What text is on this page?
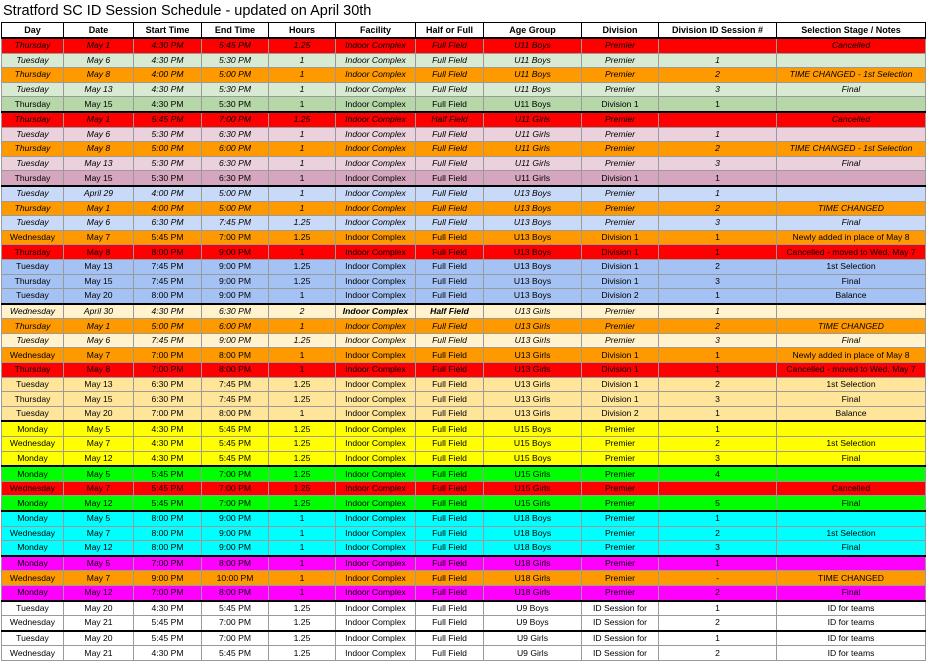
Stratford SC ID Session Schedule - updated on April 30th
Day	Date	Start Time	End Time	Hours	Facility	Half or Full	Age Group	Division	Division ID Session #	Selection Stage / Notes
Thursday	May 1	4:30 PM	5:45 PM	1.25	Indoor Complex	Full Field	U11 Boys	Premier		Cancelled
Tuesday	May 6	4:30 PM	5:30 PM	1	Indoor Complex	Full Field	U11 Boys	Premier	1	
Thursday	May 8	4:00 PM	5:00 PM	1	Indoor Complex	Full Field	U11 Boys	Premier	2	TIME CHANGED - 1st Selection
Tuesday	May 13	4:30 PM	5:30 PM	1	Indoor Complex	Full Field	U11 Boys	Premier	3	Final
Thursday	May 15	4:30 PM	5:30 PM	1	Indoor Complex	Full Field	U11 Boys	Division 1	1	
Thursday	May 1	5:45 PM	7:00 PM	1.25	Indoor Complex	Half Field	U11 Girls	Premier		Cancelled
Tuesday	May 6	5:30 PM	6:30 PM	1	Indoor Complex	Full Field	U11 Girls	Premier	1	
Thursday	May 8	5:00 PM	6:00 PM	1	Indoor Complex	Full Field	U11 Girls	Premier	2	TIME CHANGED - 1st Selection
Tuesday	May 13	5:30 PM	6:30 PM	1	Indoor Complex	Full Field	U11 Girls	Premier	3	Final
Thursday	May 15	5:30 PM	6:30 PM	1	Indoor Complex	Full Field	U11 Girls	Division 1	1	
Tuesday	April 29	4:00 PM	5:00 PM	1	Indoor Complex	Full Field	U13 Boys	Premier	1	
Thursday	May 1	4:00 PM	5:00 PM	1	Indoor Complex	Full Field	U13 Boys	Premier	2	TIME CHANGED
Tuesday	May 6	6:30 PM	7:45 PM	1.25	Indoor Complex	Full Field	U13 Boys	Premier	3	Final
Wednesday	May 7	5:45 PM	7:00 PM	1.25	Indoor Complex	Full Field	U13 Boys	Division 1	1	Newly added in place of May 8
Thursday	May 8	8:00 PM	9:00 PM	1	Indoor Complex	Full Field	U13 Boys	Division 1	1	Cancelled - moved to Wed, May 7
Tuesday	May 13	7:45 PM	9:00 PM	1.25	Indoor Complex	Full Field	U13 Boys	Division 1	2	1st Selection
Thursday	May 15	7:45 PM	9:00 PM	1.25	Indoor Complex	Full Field	U13 Boys	Division 1	3	Final
Tuesday	May 20	8:00 PM	9:00 PM	1	Indoor Complex	Full Field	U13 Boys	Division 2	1	Balance
Wednesday	April 30	4:30 PM	6:30 PM	2	Indoor Complex	Half Field	U13 Girls	Premier	1	
Thursday	May 1	5:00 PM	6:00 PM	1	Indoor Complex	Full Field	U13 Girls	Premier	2	TIME CHANGED
Tuesday	May 6	7:45 PM	9:00 PM	1.25	Indoor Complex	Full Field	U13 Girls	Premier	3	Final
Wednesday	May 7	7:00 PM	8:00 PM	1	Indoor Complex	Full Field	U13 Girls	Division 1	1	Newly added in place of May 8
Thursday	May 8	7:00 PM	8:00 PM	1	Indoor Complex	Full Field	U13 Girls	Division 1	1	Cancelled - moved to Wed, May 7
Tuesday	May 13	6:30 PM	7:45 PM	1.25	Indoor Complex	Full Field	U13 Girls	Division 1	2	1st Selection
Thursday	May 15	6:30 PM	7:45 PM	1.25	Indoor Complex	Full Field	U13 Girls	Division 1	3	Final
Tuesday	May 20	7:00 PM	8:00 PM	1	Indoor Complex	Full Field	U13 Girls	Division 2	1	Balance
Monday	May 5	4:30 PM	5:45 PM	1.25	Indoor Complex	Full Field	U15 Boys	Premier	1	
Wednesday	May 7	4:30 PM	5:45 PM	1.25	Indoor Complex	Full Field	U15 Boys	Premier	2	1st Selection
Monday	May 12	4:30 PM	5:45 PM	1.25	Indoor Complex	Full Field	U15 Boys	Premier	3	Final
Monday	May 5	5:45 PM	7:00 PM	1.25	Indoor Complex	Full Field	U15 Girls	Premier	4	
Wednesday	May 7	5:45 PM	7:00 PM	1.25	Indoor Complex	Full Field	U15 Girls	Premier		Cancelled
Monday	May 12	5:45 PM	7:00 PM	1.25	Indoor Complex	Full Field	U15 Girls	Premier	5	Final
Monday	May 5	8:00 PM	9:00 PM	1	Indoor Complex	Full Field	U18 Boys	Premier	1	
Wednesday	May 7	8:00 PM	9:00 PM	1	Indoor Complex	Full Field	U18 Boys	Premier	2	1st Selection
Monday	May 12	8:00 PM	9:00 PM	1	Indoor Complex	Full Field	U18 Boys	Premier	3	Final
Monday	May 5	7:00 PM	8:00 PM	1	Indoor Complex	Full Field	U18 Girls	Premier	1	
Wednesday	May 7	9:00 PM	10:00 PM	1	Indoor Complex	Full Field	U18 Girls	Premier	-	TIME CHANGED
Monday	May 12	7:00 PM	8:00 PM	1	Indoor Complex	Full Field	U18 Girls	Premier	2	Final
Tuesday	May 20	4:30 PM	5:45 PM	1.25	Indoor Complex	Full Field	U9 Boys	ID Session for	1	ID for teams
Wednesday	May 21	5:45 PM	7:00 PM	1.25	Indoor Complex	Full Field	U9 Boys	ID Session for	2	ID for teams
Tuesday	May 20	5:45 PM	7:00 PM	1.25	Indoor Complex	Full Field	U9 Girls	ID Session for	1	ID for teams
Wednesday	May 21	4:30 PM	5:45 PM	1.25	Indoor Complex	Full Field	U9 Girls	ID Session for	2	ID for teams
